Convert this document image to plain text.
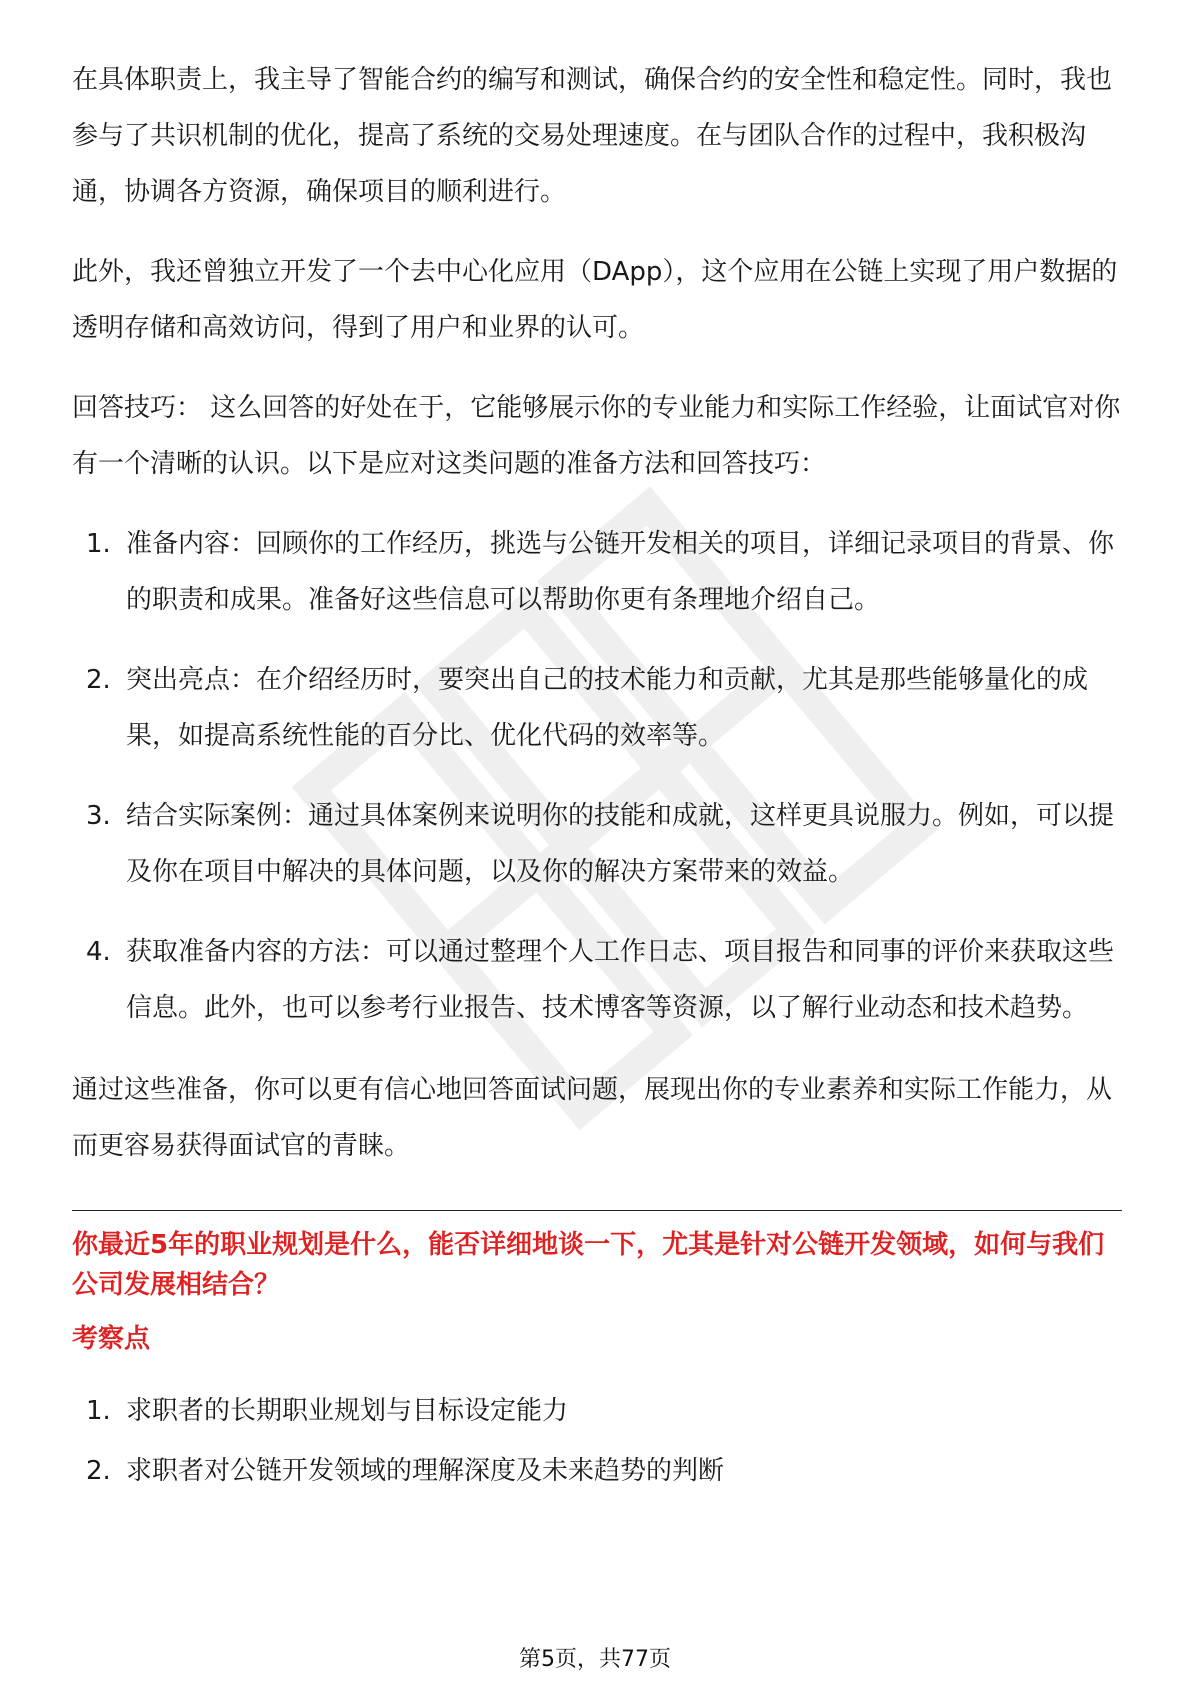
在具体职责上，我主导了智能合约的编写和测试，确保合约的安全性和稳定性。同时，我也参与了共识机制的优化，提高了系统的交易处理速度。在与团队合作的过程中，我积极沟通，协调各方资源，确保项目的顺利进行。

此外，我还曾独立开发了一个去中心化应用（DApp），这个应用在公链上实现了用户数据的透明存储和高效访问，得到了用户和业界的认可。

回答技巧： 这么回答的好处在于，它能够展示你的专业能力和实际工作经验，让面试官对你有一个清晰的认识。以下是应对这类问题的准备方法和回答技巧：

1. 准备内容：回顾你的工作经历，挑选与公链开发相关的项目，详细记录项目的背景、你的职责和成果。准备好这些信息可以帮助你更有条理地介绍自己。
2. 突出亮点：在介绍经历时，要突出自己的技术能力和贡献，尤其是那些能够量化的成果，如提高系统性能的百分比、优化代码的效率等。
3. 结合实际案例：通过具体案例来说明你的技能和成就，这样更具说服力。例如，可以提及你在项目中解决的具体问题，以及你的解决方案带来的效益。
4. 获取准备内容的方法：可以通过整理个人工作日志、项目报告和同事的评价来获取这些信息。此外，也可以参考行业报告、技术博客等资源，以了解行业动态和技术趋势。

通过这些准备，你可以更有信心地回答面试问题，展现出你的专业素养和实际工作能力，从而更容易获得面试官的青睐。

你最近5年的职业规划是什么，能否详细地谈一下，尤其是针对公链开发领域，如何与我们公司发展相结合？
考察点
1. 求职者的长期职业规划与目标设定能力
2. 求职者对公链开发领域的理解深度及未来趋势的判断
第5页，共77页
